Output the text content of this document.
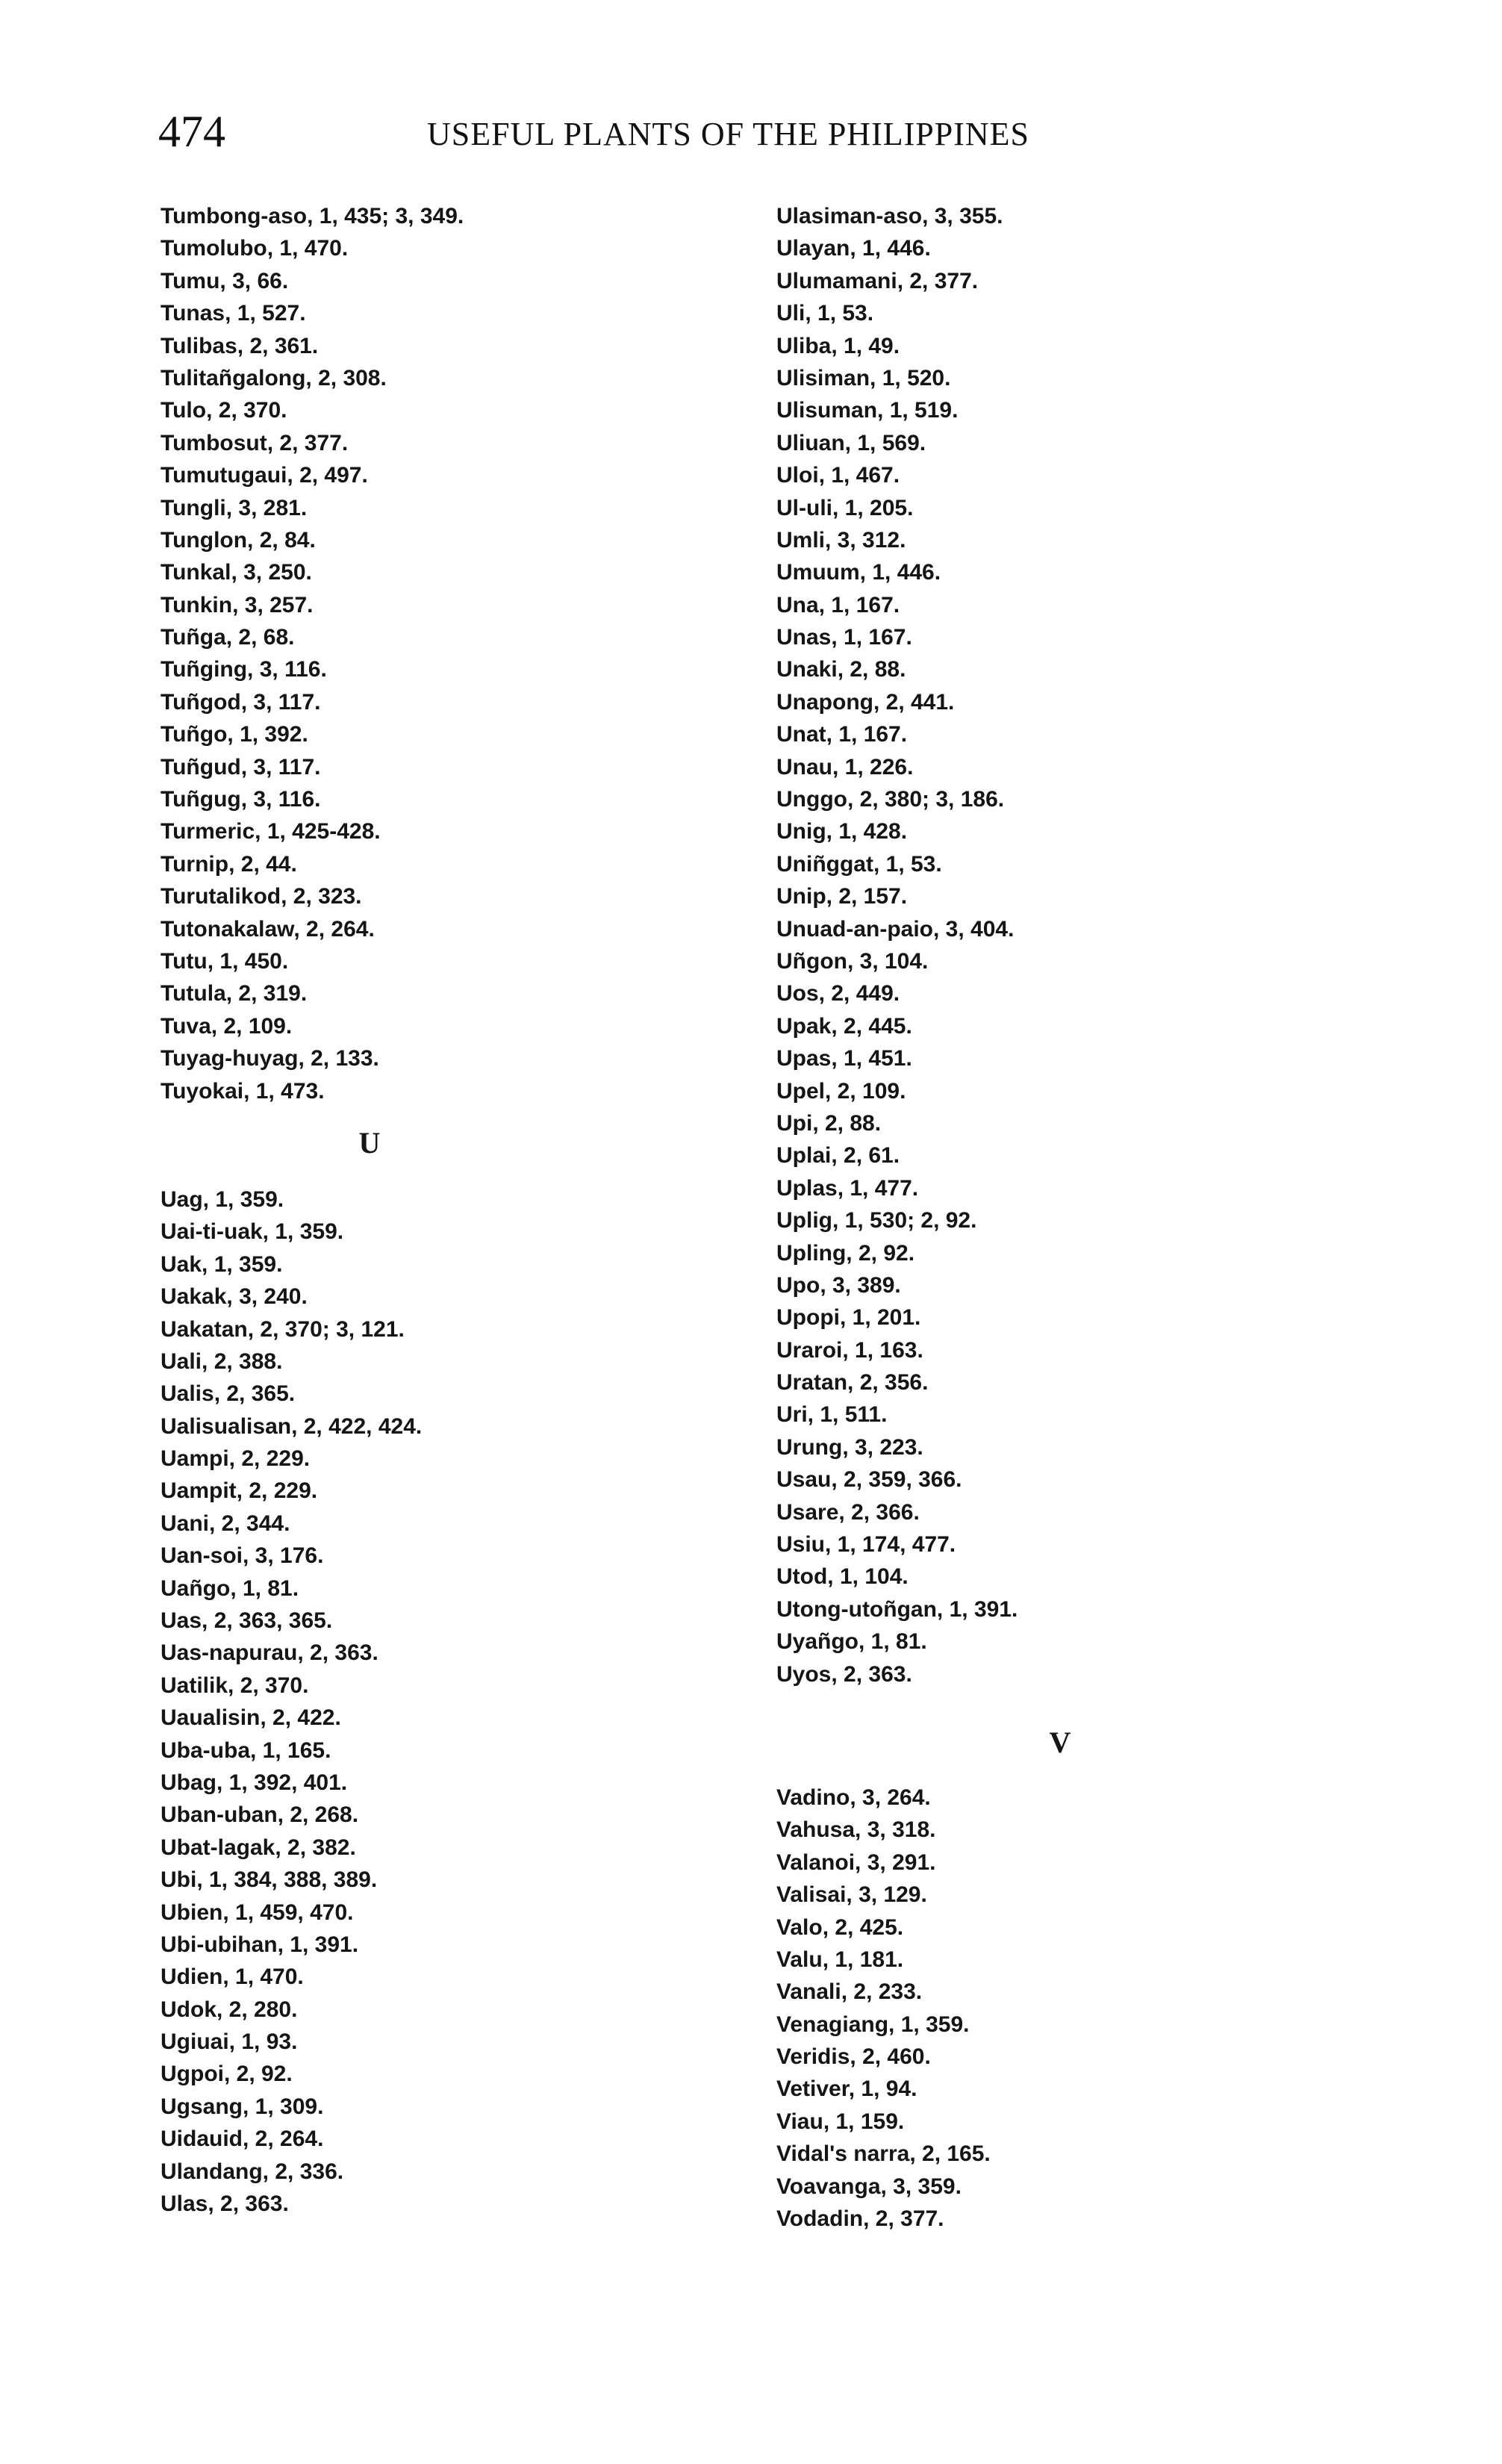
474	USEFUL PLANTS OF THE PHILIPPINES
Tumbong-aso, 1, 435; 3, 349.
Tumolubo, 1, 470.
Tumu, 3, 66.
Tunas, 1, 527.
Tulibas, 2, 361.
Tulitañgalong, 2, 308.
Tulo, 2, 370.
Tumbosut, 2, 377.
Tumutugaui, 2, 497.
Tungli, 3, 281.
Tunglon, 2, 84.
Tunkal, 3, 250.
Tunkin, 3, 257.
Tuñga, 2, 68.
Tuñging, 3, 116.
Tuñgod, 3, 117.
Tuñgo, 1, 392.
Tuñgud, 3, 117.
Tuñgug, 3, 116.
Turmeric, 1, 425-428.
Turnip, 2, 44.
Turutalikod, 2, 323.
Tutonakalaw, 2, 264.
Tutu, 1, 450.
Tutula, 2, 319.
Tuva, 2, 109.
Tuyag-huyag, 2, 133.
Tuyokai, 1, 473.
U
Uag, 1, 359.
Uai-ti-uak, 1, 359.
Uak, 1, 359.
Uakak, 3, 240.
Uakatan, 2, 370; 3, 121.
Uali, 2, 388.
Ualis, 2, 365.
Ualisualisan, 2, 422, 424.
Uampi, 2, 229.
Uampit, 2, 229.
Uani, 2, 344.
Uan-soi, 3, 176.
Uañgo, 1, 81.
Uas, 2, 363, 365.
Uas-napurau, 2, 363.
Uatilik, 2, 370.
Uaualisin, 2, 422.
Uba-uba, 1, 165.
Ubag, 1, 392, 401.
Uban-uban, 2, 268.
Ubat-lagak, 2, 382.
Ubi, 1, 384, 388, 389.
Ubien, 1, 459, 470.
Ubi-ubihan, 1, 391.
Udien, 1, 470.
Udok, 2, 280.
Ugiuai, 1, 93.
Ugpoi, 2, 92.
Ugsang, 1, 309.
Uidauid, 2, 264.
Ulandang, 2, 336.
Ulas, 2, 363.
Ulasiman-aso, 3, 355.
Ulayan, 1, 446.
Ulumamani, 2, 377.
Uli, 1, 53.
Uliba, 1, 49.
Ulisiman, 1, 520.
Ulisuman, 1, 519.
Uliuan, 1, 569.
Uloi, 1, 467.
Ul-uli, 1, 205.
Umli, 3, 312.
Umuum, 1, 446.
Una, 1, 167.
Unas, 1, 167.
Unaki, 2, 88.
Unapong, 2, 441.
Unat, 1, 167.
Unau, 1, 226.
Unggo, 2, 380; 3, 186.
Unig, 1, 428.
Uniñggat, 1, 53.
Unip, 2, 157.
Unuad-an-paio, 3, 404.
Uñgon, 3, 104.
Uos, 2, 449.
Upak, 2, 445.
Upas, 1, 451.
Upel, 2, 109.
Upi, 2, 88.
Uplai, 2, 61.
Uplas, 1, 477.
Uplig, 1, 530; 2, 92.
Upling, 2, 92.
Upo, 3, 389.
Upopi, 1, 201.
Uraroi, 1, 163.
Uratan, 2, 356.
Uri, 1, 511.
Urung, 3, 223.
Usau, 2, 359, 366.
Usare, 2, 366.
Usiu, 1, 174, 477.
Utod, 1, 104.
Utong-utoñgan, 1, 391.
Uyañgo, 1, 81.
Uyos, 2, 363.
V
Vadino, 3, 264.
Vahusa, 3, 318.
Valanoi, 3, 291.
Valisai, 3, 129.
Valo, 2, 425.
Valu, 1, 181.
Vanali, 2, 233.
Venagiang, 1, 359.
Veridis, 2, 460.
Vetiver, 1, 94.
Viau, 1, 159.
Vidal's narra, 2, 165.
Voavanga, 3, 359.
Vodadin, 2, 377.
